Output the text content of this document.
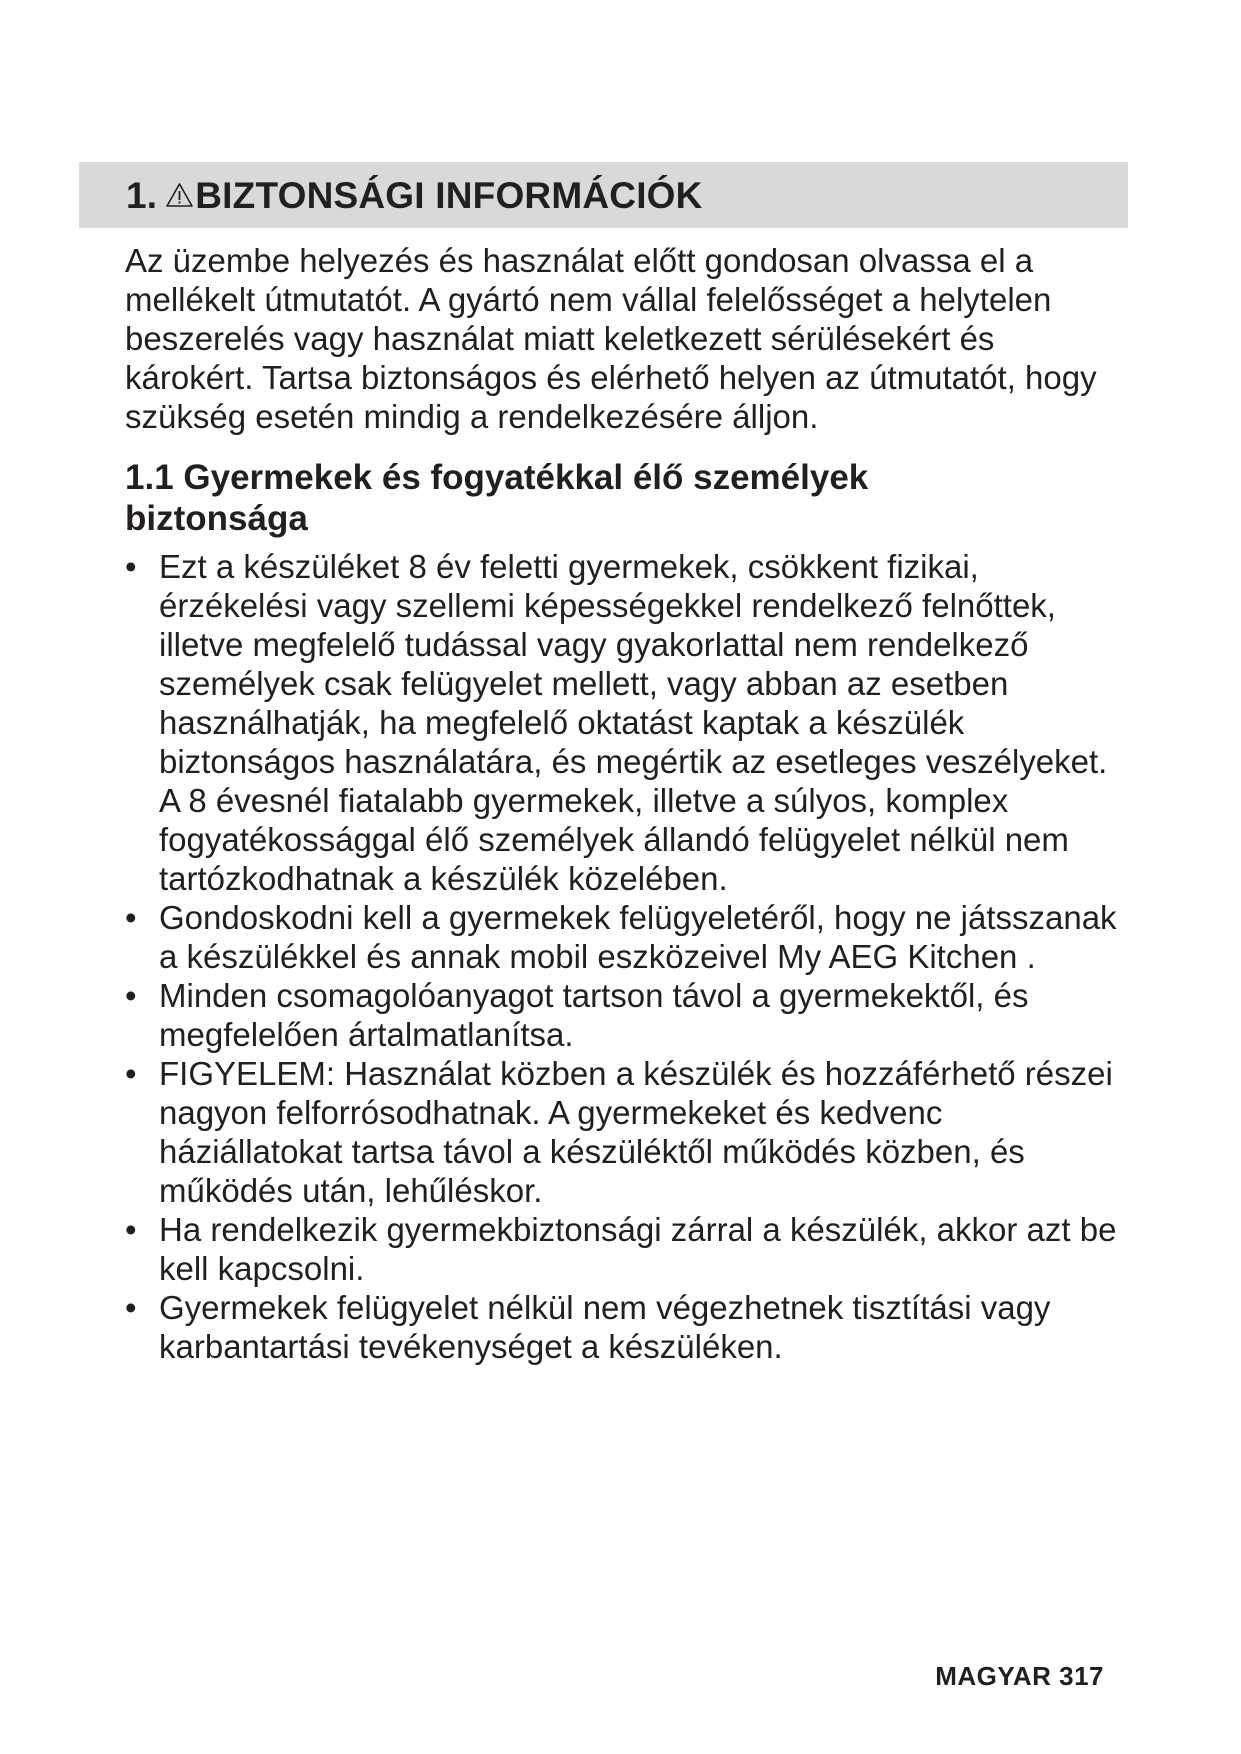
1. BIZTONSÁGI INFORMÁCIÓK

Az üzembe helyezés és használat előtt gondosan olvassa el a mellékelt útmutatót. A gyártó nem vállal felelősséget a helytelen beszerelés vagy használat miatt keletkezett sérülésekért és károkért. Tartsa biztonságos és elérhető helyen az útmutatót, hogy szükség esetén mindig a rendelkezésére álljon.

1.1 Gyermekek és fogyatékkal élő személyek biztonsága
• Ezt a készüléket 8 év feletti gyermekek, csökkent fizikai, érzékelési vagy szellemi képességekkel rendelkező felnőttek, illetve megfelelő tudással vagy gyakorlattal nem rendelkező személyek csak felügyelet mellett, vagy abban az esetben használhatják, ha megfelelő oktatást kaptak a készülék biztonságos használatára, és megértik az esetleges veszélyeket. A 8 évesnél fiatalabb gyermekek, illetve a súlyos, komplex fogyatékossággal élő személyek állandó felügyelet nélkül nem tartózkodhatnak a készülék közelében.
• Gondoskodni kell a gyermekek felügyeletéről, hogy ne játsszanak a készülékkel és annak mobil eszközeivel My AEG Kitchen .
• Minden csomagolóanyagot tartson távol a gyermekektől, és megfelelően ártalmatlanítsa.
• FIGYELEM: Használat közben a készülék és hozzáférhető részei nagyon felforrósodhatnak. A gyermekeket és kedvenc háziállatokat tartsa távol a készüléktől működés közben, és működés után, lehűléskor.
• Ha rendelkezik gyermekbiztonsági zárral a készülék, akkor azt be kell kapcsolni.
• Gyermekek felügyelet nélkül nem végezhetnek tisztítási vagy karbantartási tevékenységet a készüléken.
MAGYAR 317
